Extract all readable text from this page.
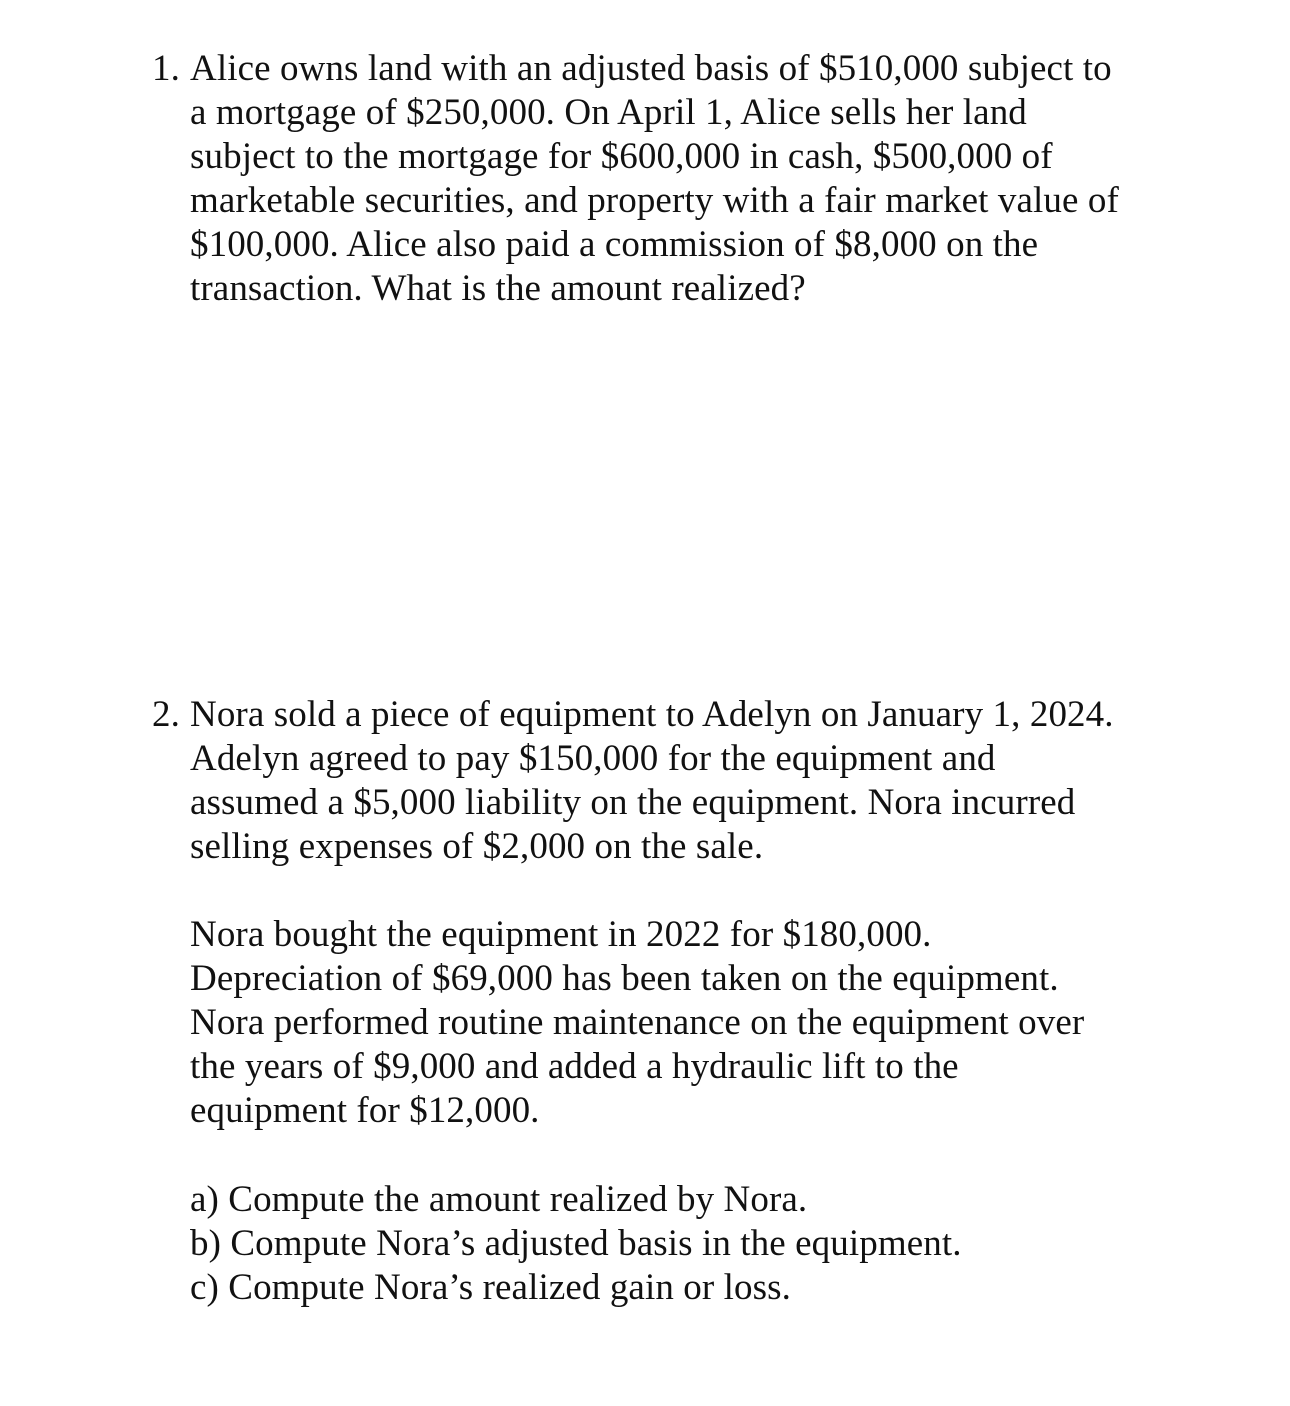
1. Alice owns land with an adjusted basis of $510,000 subject to
a mortgage of $250,000. On April 1, Alice sells her land
subject to the mortgage for $600,000 in cash, $500,000 of
marketable securities, and property with a fair market value of
$100,000. Alice also paid a commission of $8,000 on the
transaction. What is the amount realized?
2. Nora sold a piece of equipment to Adelyn on January 1, 2024.
Adelyn agreed to pay $150,000 for the equipment and
assumed a $5,000 liability on the equipment. Nora incurred
selling expenses of $2,000 on the sale.
Nora bought the equipment in 2022 for $180,000.
Depreciation of $69,000 has been taken on the equipment.
Nora performed routine maintenance on the equipment over
the years of $9,000 and added a hydraulic lift to the
equipment for $12,000.
a) Compute the amount realized by Nora.
b) Compute Nora’s adjusted basis in the equipment.
c) Compute Nora’s realized gain or loss.
